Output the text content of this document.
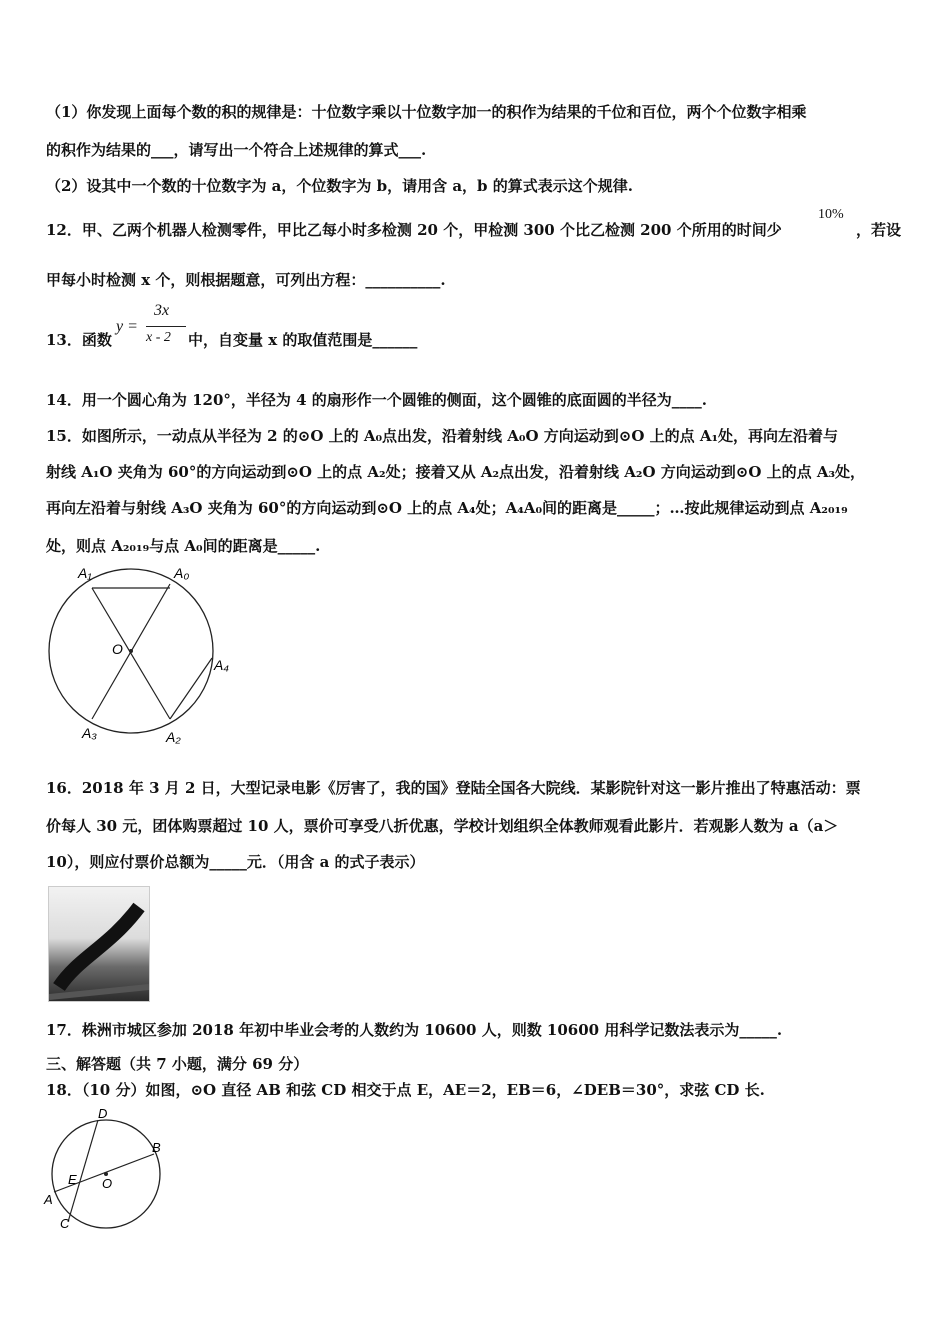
（1）你发现上面每个数的积的规律是：十位数字乘以十位数字加一的积作为结果的千位和百位，两个个位数字相乘
的积作为结果的___，请写出一个符合上述规律的算式___.
（2）设其中一个数的十位数字为 a，个位数字为 b，请用含 a，b 的算式表示这个规律.
12．甲、乙两个机器人检测零件，甲比乙每小时多检测 20 个，甲检测 300 个比乙检测 200 个所用的时间少
10%
，若设
甲每小时检测 x 个，则根据题意，可列出方程：__________.
13．函数
y =
3x
x - 2 中，自变量 x 的取值范围是______
14．用一个圆心角为 120°，半径为 4 的扇形作一个圆锥的侧面，这个圆锥的底面圆的半径为____.
15．如图所示，一动点从半径为 2 的⊙O 上的 A₀点出发，沿着射线 A₀O 方向运动到⊙O 上的点 A₁处，再向左沿着与
射线 A₁O 夹角为 60°的方向运动到⊙O 上的点 A₂处；接着又从 A₂点出发，沿着射线 A₂O 方向运动到⊙O 上的点 A₃处，
再向左沿着与射线 A₃O 夹角为 60°的方向运动到⊙O 上的点 A₄处；A₄A₀间的距离是_____；…按此规律运动到点 A₂₀₁₉
处，则点 A₂₀₁₉与点 A₀间的距离是_____.
A₁	A₀
O
A₄
A₃	A₂
16．2018 年 3 月 2 日，大型记录电影《厉害了，我的国》登陆全国各大院线．某影院针对这一影片推出了特惠活动：票
价每人 30 元，团体购票超过 10 人，票价可享受八折优惠，学校计划组织全体教师观看此影片．若观影人数为 a（a＞
10），则应付票价总额为_____元．（用含 a 的式子表示）
17．株洲市城区参加 2018 年初中毕业会考的人数约为 10600 人，则数 10600 用科学记数法表示为_____.
三、解答题（共 7 小题，满分 69 分）
18．（10 分）如图，⊙O 直径 AB 和弦 CD 相交于点 E，AE＝2，EB＝6，∠DEB＝30°，求弦 CD 长.
D
B
E O
A
C
